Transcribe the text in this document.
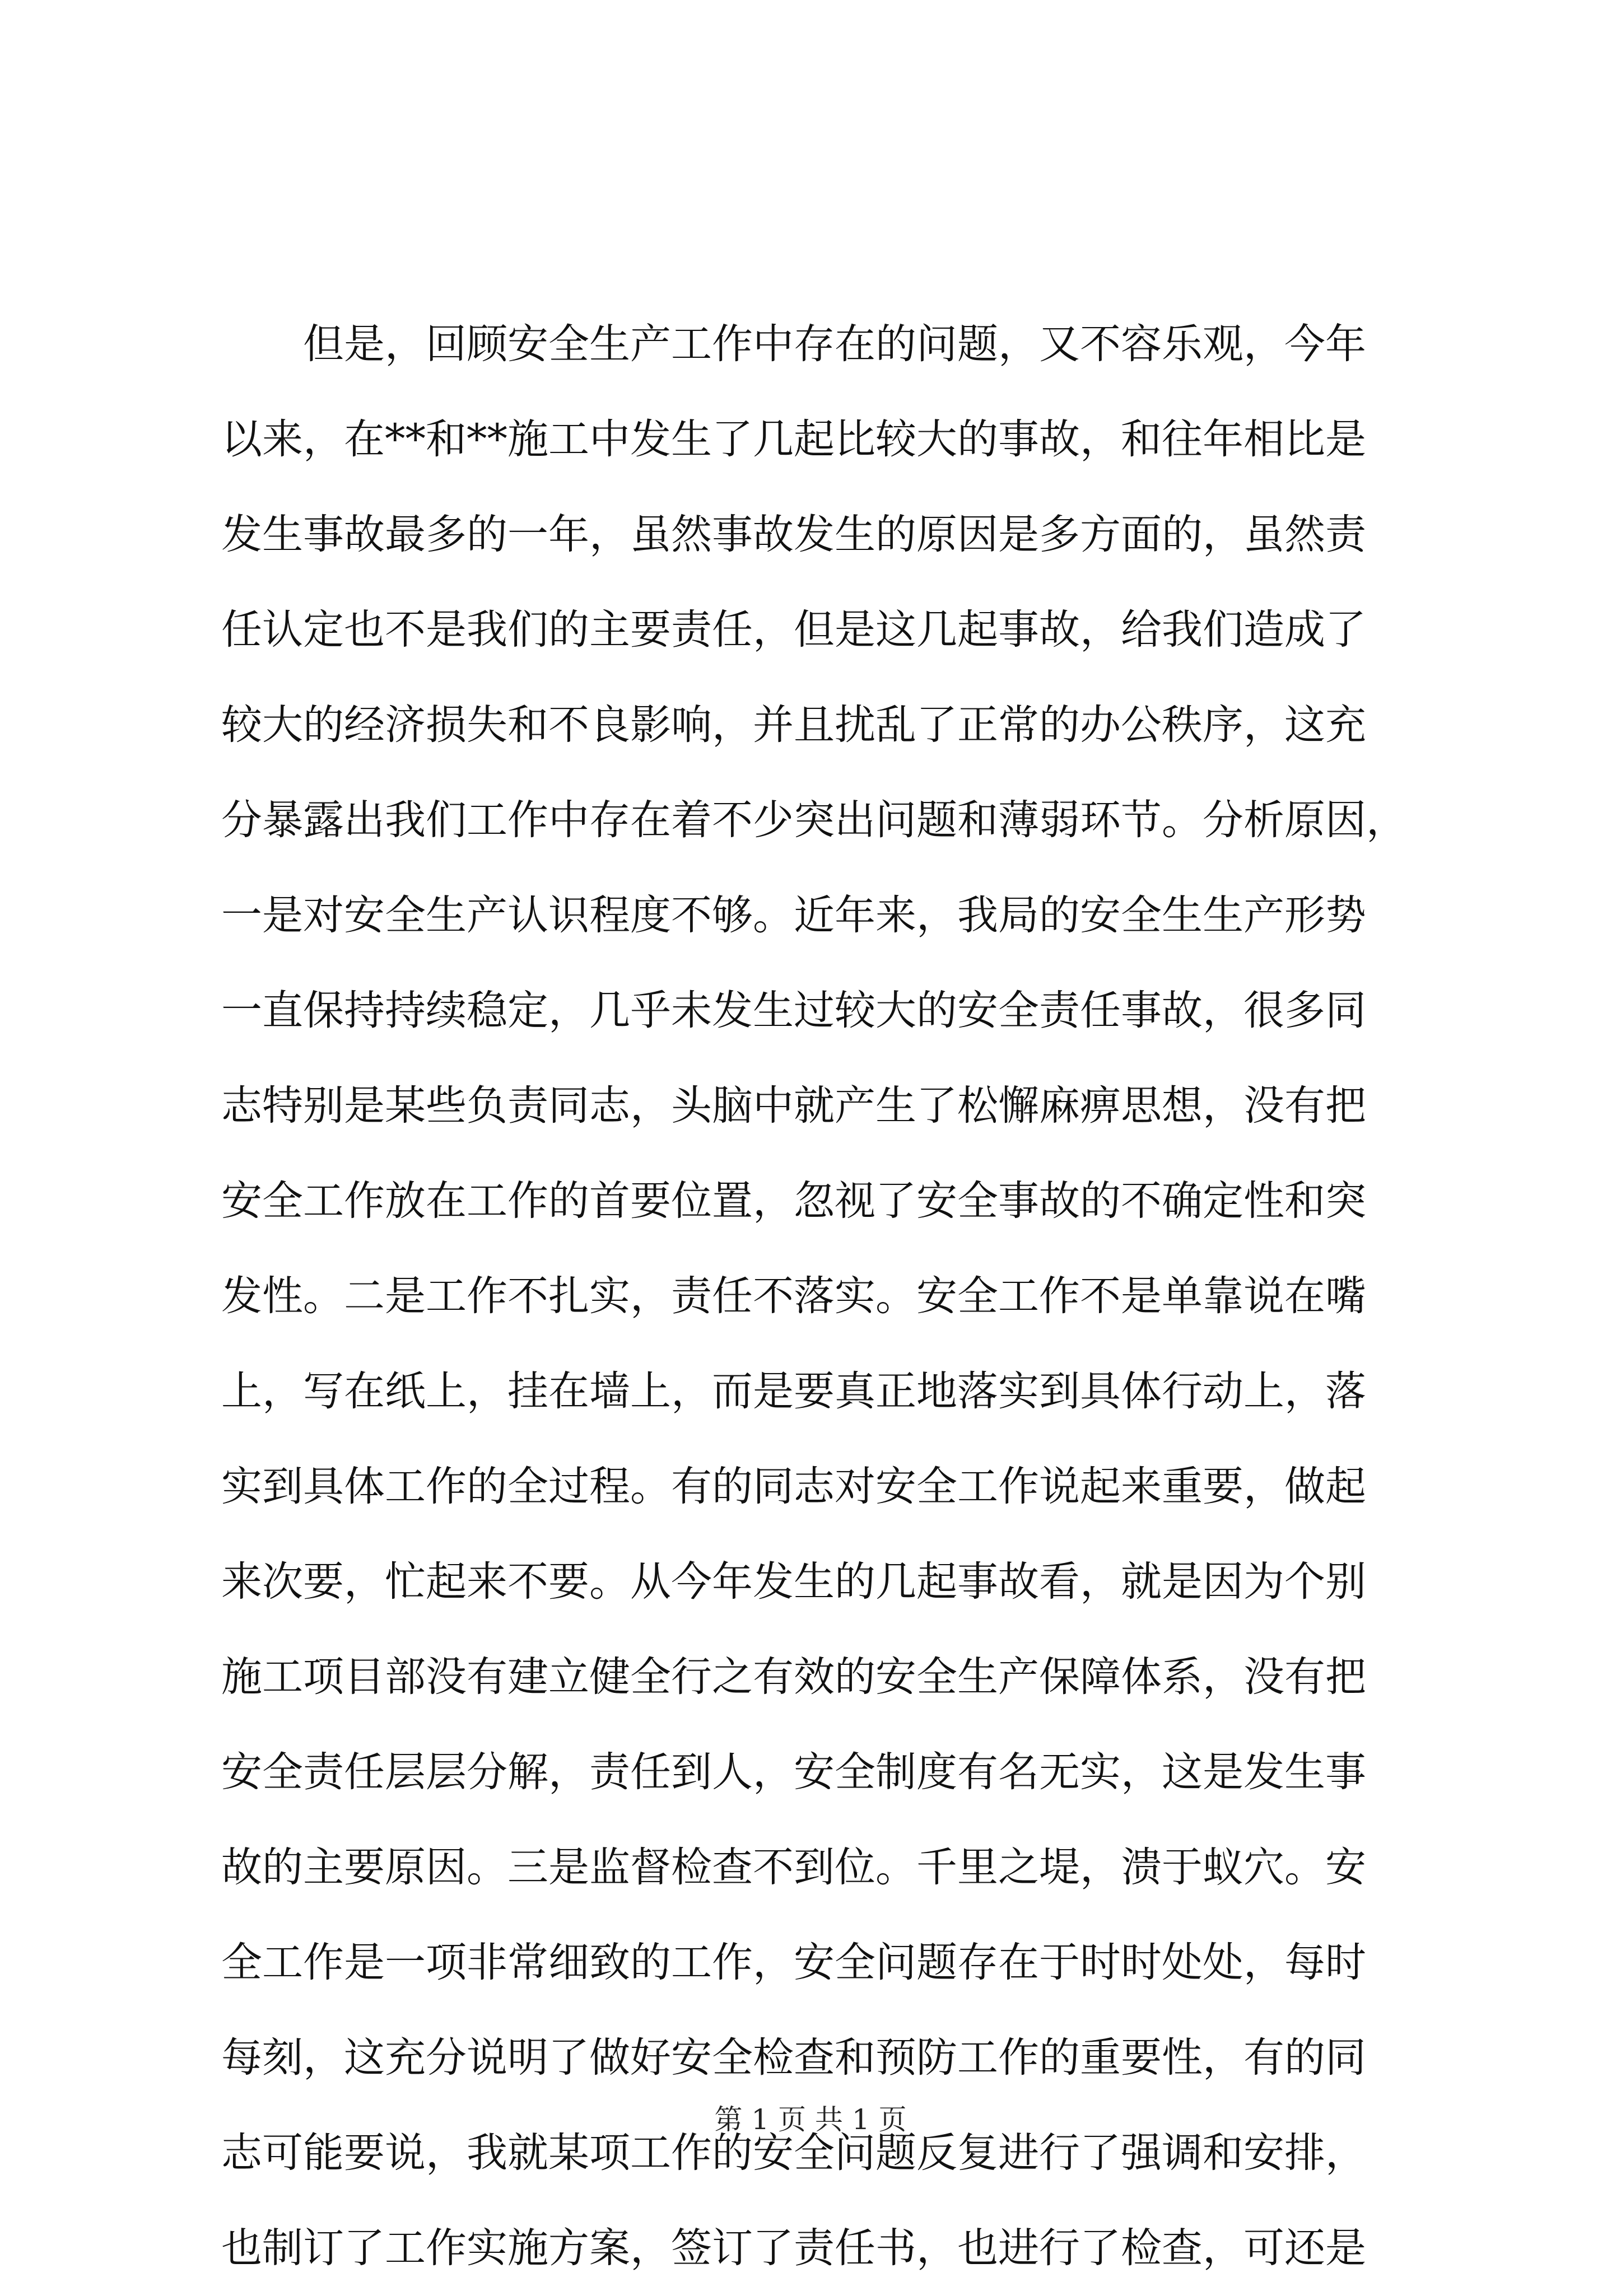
但是，回顾安全生产工作中存在的问题，又不容乐观，今年
以来，在**和**施工中发生了几起比较大的事故，和往年相比是
发生事故最多的一年，虽然事故发生的原因是多方面的，虽然责
任认定也不是我们的主要责任，但是这几起事故，给我们造成了
较大的经济损失和不良影响，并且扰乱了正常的办公秩序，这充
分暴露出我们工作中存在着不少突出问题和薄弱环节。分析原因，
一是对安全生产认识程度不够。近年来，我局的安全生生产形势
一直保持持续稳定，几乎未发生过较大的安全责任事故，很多同
志特别是某些负责同志，头脑中就产生了松懈麻痹思想，没有把
安全工作放在工作的首要位置，忽视了安全事故的不确定性和突
发性。二是工作不扎实，责任不落实。安全工作不是单靠说在嘴
上，写在纸上，挂在墙上，而是要真正地落实到具体行动上，落
实到具体工作的全过程。有的同志对安全工作说起来重要，做起
来次要，忙起来不要。从今年发生的几起事故看，就是因为个别
施工项目部没有建立健全行之有效的安全生产保障体系，没有把
安全责任层层分解，责任到人，安全制度有名无实，这是发生事
故的主要原因。三是监督检查不到位。千里之堤，溃于蚁穴。安
全工作是一项非常细致的工作，安全问题存在于时时处处，每时
每刻，这充分说明了做好安全检查和预防工作的重要性，有的同
志可能要说，我就某项工作的安全问题反复进行了强调和安排，
也制订了工作实施方案，签订了责任书，也进行了检查，可还是
第 1 页 共 1 页
